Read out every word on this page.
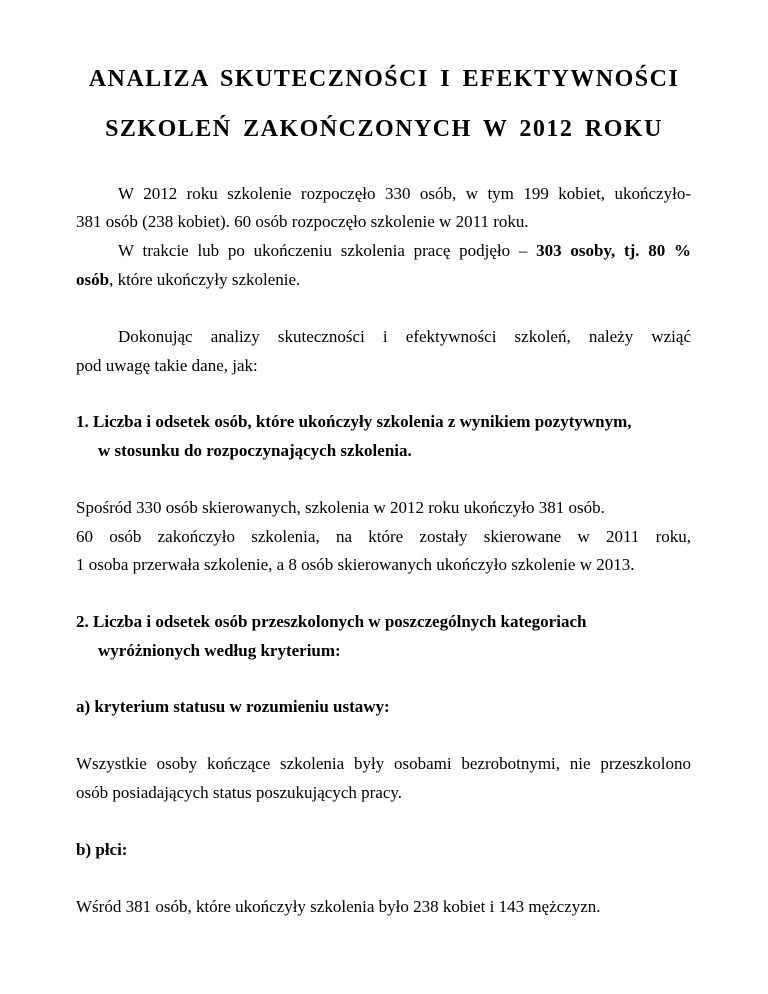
ANALIZA SKUTECZNOŚCI I EFEKTYWNOŚCI
SZKOLEŃ ZAKOŃCZONYCH W 2012 ROKU
W 2012 roku szkolenie rozpoczęło 330 osób, w tym 199 kobiet, ukończyło-
381 osób (238 kobiet). 60 osób rozpoczęło szkolenie w 2011 roku.
W trakcie lub po ukończeniu szkolenia pracę podjęło – 303 osoby, tj. 80 %
osób, które ukończyły szkolenie.
Dokonując analizy skuteczności i efektywności szkoleń, należy wziąć
pod uwagę takie dane, jak:
1. Liczba i odsetek osób, które ukończyły szkolenia z wynikiem pozytywnym,
w stosunku do rozpoczynających szkolenia.
Spośród 330 osób skierowanych, szkolenia w 2012 roku ukończyło 381 osób.
60 osób zakończyło szkolenia, na które zostały skierowane w 2011 roku,
1 osoba przerwała szkolenie, a 8 osób skierowanych ukończyło szkolenie w 2013.
2. Liczba i odsetek osób przeszkolonych w poszczególnych kategoriach
wyróżnionych według kryterium:
a) kryterium statusu w rozumieniu ustawy:
Wszystkie osoby kończące szkolenia były osobami bezrobotnymi, nie przeszkolono
osób posiadających status poszukujących pracy.
b) płci:
Wśród 381 osób, które ukończyły szkolenia było 238 kobiet i 143 mężczyzn.
